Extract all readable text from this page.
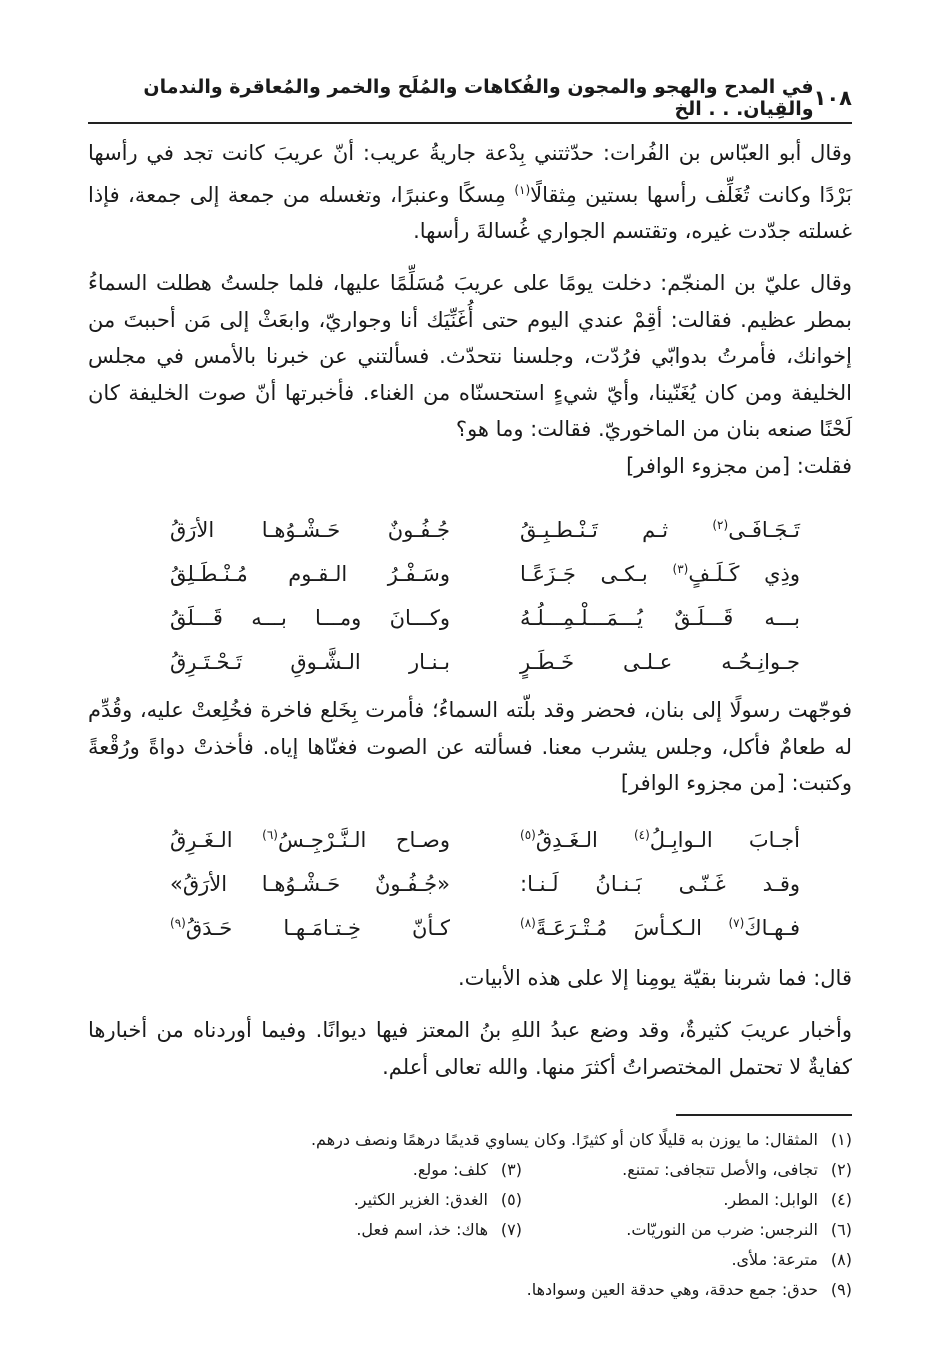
١٠٨
في المدح والهجو والمجون والفُكاهات والمُلَح والخمر والمُعاقرة والندمان والقِيان. . . الخ

وقال أبو العبّاس بن الفُرات: حدّثتني بِدْعة جاريةُ عريب: أنّ عريبَ كانت تجد في رأسها بَرْدًا وكانت تُغَلِّف رأسها بستين مِثقالًا$^{(١)}$ مِسكًا وعنبرًا، وتغسله من جمعة إلى جمعة، فإذا غسلته جدّدت غيره، وتقتسم الجواري غُسالةَ رأسها.

وقال عليّ بن المنجّم: دخلت يومًا على عريبَ مُسَلِّمًا عليها، فلما جلستُ هطلت السماءُ بمطر عظيم. فقالت: أقِمْ عندي اليوم حتى أُغَنِّيَك أنا وجواريّ، وابعَثْ إلى مَن أحببتَ من إخوانك، فأمرتُ بدوابّي فرُدّت، وجلسنا نتحدّث. فسألتني عن خبرنا بالأمس في مجلس الخليفة ومن كان يُغَنّينا، وأيّ شيءٍ استحسنّاه من الغناء. فأخبرتها أنّ صوت الخليفة كان لَحْنًا صنعه بنان من الماخوريّ. فقالت: وما هو؟

فقلت: [من مجزوء الوافر]

تَـجَـافَـى$^{(٢)}$ ثـم تَـنْـطـبِـقُ
جُـفُـونٌ حَـشْـوُهـا الأرَقُ
وذِي كَـلَـفٍ$^{(٣)}$ بـكـى جَـزَعًـا
وسَـفْـرُ الـقـوم مُـنْـطَـلِقُ
بـــه قَـــلَـقٌ يُـــمَـــلْـمِـــلُـهُ
وكـــانَ ومـــا بـــه قَـــلَقُ
جـوانِـحُـه عـلـى خَـطَـرٍ
بـنـار الـشَّـوقِ تَـحْـتَـرِقُ

فوجّهت رسولًا إلى بنان، فحضر وقد بلّته السماءُ؛ فأمرت بِخَلع فاخرة فخُلِعتْ عليه، وقُدِّم له طعامٌ فأكل، وجلس يشرب معنا. فسألته عن الصوت فغنّاها إياه. فأخذتْ دواةً ورُقْعةً وكتبت: [من مجزوء الوافر]

أجـابَ الـوابِـلُ$^{(٤)}$ الـغَـدِقُ$^{(٥)}$
وصـاح الـنَّـرْجِـسُ$^{(٦)}$ الـغَـرِقُ
وقـد غَـنّـى بَـنـانُ لَـنـا:
«جُـفُـونٌ حَـشْـوُهـا الأرَقُ»
فـهـاكَ$^{(٧)}$ الـكـأسَ مُـتْـرَعَـةً$^{(٨)}$
كـأنّ خِـتـامَـهـا حَـدَقُ$^{(٩)}$

قال: فما شربنا بقيّة يومِنا إلا على هذه الأبيات.

وأخبار عريبَ كثيرةٌ، وقد وضع عبدُ اللهِ بنُ المعتز فيها ديوانًا. وفيما أوردناه من أخبارها كفايةٌ لا تحتمل المختصراتُ أكثرَ منها. والله تعالى أعلم.

(١)المثقال: ما يوزن به قليلًا كان أو كثيرًا. وكان يساوي قديمًا درهمًا ونصف درهم.
(٢)تجافى، والأصل تتجافى: تمتنع.
(٣)كلف: مولع.
(٤)الوابل: المطر.
(٥)الغدق: الغزير الكثير.
(٦)النرجس: ضرب من النوريّات.
(٧)هاك: خذ، اسم فعل.
(٨)مترعة: ملأى.
(٩)حدق: جمع حدقة، وهي حدقة العين وسوادها.
